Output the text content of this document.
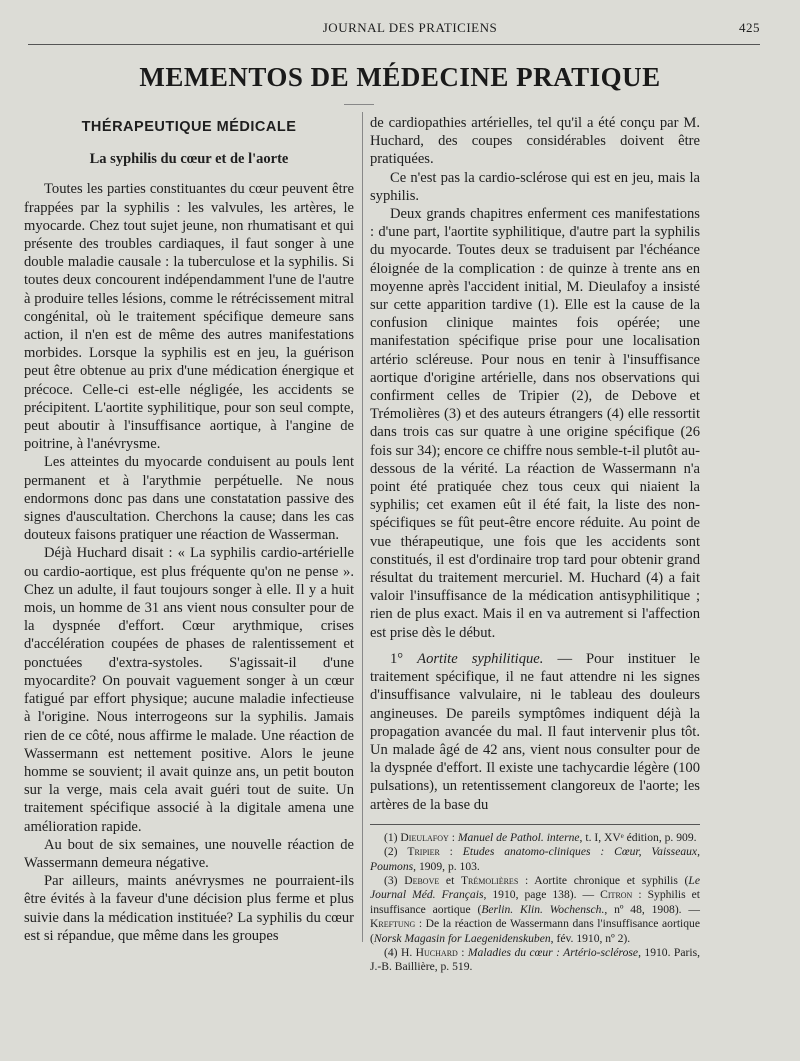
JOURNAL DES PRATICIENS	425
MEMENTOS DE MÉDECINE PRATIQUE
THÉRAPEUTIQUE MÉDICALE
La syphilis du cœur et de l'aorte

Toutes les parties constituantes du cœur peuvent être frappées par la syphilis : les valvules, les artères, le myocarde. Chez tout sujet jeune, non rhumatisant et qui présente des troubles cardiaques, il faut songer à une double maladie causale : la tuberculose et la syphilis. Si toutes deux concourent indépendamment l'une de l'autre à produire telles lésions, comme le rétrécissement mitral congénital, où le traitement spécifique demeure sans action, il n'en est de même des autres manifestations morbides. Lorsque la syphilis est en jeu, la guérison peut être obtenue au prix d'une médication énergique et précoce. Celle-ci est-elle négligée, les accidents se précipitent. L'aortite syphilitique, pour son seul compte, peut aboutir à l'insuffisance aortique, à l'angine de poitrine, à l'anévrysme.

Les atteintes du myocarde conduisent au pouls lent permanent et à l'arythmie perpétuelle. Ne nous endormons donc pas dans une constatation passive des signes d'auscultation. Cherchons la cause; dans les cas douteux faisons pratiquer une réaction de Wasserman.

Déjà Huchard disait : « La syphilis cardio-artérielle ou cardio-aortique, est plus fréquente qu'on ne pense ». Chez un adulte, il faut toujours songer à elle. Il y a huit mois, un homme de 31 ans vient nous consulter pour de la dyspnée d'effort. Cœur arythmique, crises d'accélération coupées de phases de ralentissement et ponctuées d'extra-systoles. S'agissait-il d'une myocardite? On pouvait vaguement songer à un cœur fatigué par effort physique; aucune maladie infectieuse à l'origine. Nous interrogeons sur la syphilis. Jamais rien de ce côté, nous affirme le malade. Une réaction de Wassermann est nettement positive. Alors le jeune homme se souvient; il avait quinze ans, un petit bouton sur la verge, mais cela avait guéri tout de suite. Un traitement spécifique associé à la digitale amena une amélioration rapide.

Au bout de six semaines, une nouvelle réaction de Wassermann demeura négative.

Par ailleurs, maints anévrysmes ne pourraient-ils être évités à la faveur d'une décision plus ferme et plus suivie dans la médication instituée? La syphilis du cœur est si répandue, que même dans les groupes

de cardiopathies artérielles, tel qu'il a été conçu par M. Huchard, des coupes considérables doivent être pratiquées.

Ce n'est pas la cardio-sclérose qui est en jeu, mais la syphilis.

Deux grands chapitres enferment ces manifestations : d'une part, l'aortite syphilitique, d'autre part la syphilis du myocarde. Toutes deux se traduisent par l'échéance éloignée de la complication : de quinze à trente ans en moyenne après l'accident initial, M. Dieulafoy a insisté sur cette apparition tardive (1). Elle est la cause de la confusion clinique maintes fois opérée; une manifestation spécifique prise pour une localisation artério scléreuse. Pour nous en tenir à l'insuffisance aortique d'origine artérielle, dans nos observations qui confirment celles de Tripier (2), de Debove et Trémolières (3) et des auteurs étrangers (4) elle ressortit dans trois cas sur quatre à une origine spécifique (26 fois sur 34); encore ce chiffre nous semble-t-il plutôt au-dessous de la vérité. La réaction de Wassermann n'a point été pratiquée chez tous ceux qui niaient la syphilis; cet examen eût il été fait, la liste des non-spécifiques se fût peut-être encore réduite. Au point de vue thérapeutique, une fois que les accidents sont constitués, il est d'ordinaire trop tard pour obtenir grand résultat du traitement mercuriel. M. Huchard (4) a fait valoir l'insuffisance de la médication antisyphilitique ; rien de plus exact. Mais il en va autrement si l'affection est prise dès le début.

1° Aortite syphilitique. — Pour instituer le traitement spécifique, il ne faut attendre ni les signes d'insuffisance valvulaire, ni le tableau des douleurs angineuses. De pareils symptômes indiquent déjà la propagation avancée du mal. Il faut intervenir plus tôt. Un malade âgé de 42 ans, vient nous consulter pour de la dyspnée d'effort. Il existe une tachycardie légère (100 pulsations), un retentissement clangoreux de l'aorte; les artères de la base du

(1) Dieulafoy : Manuel de Pathol. interne, t. I, XVᵉ édition, p. 909.

(2) Tripier : Etudes anatomo-cliniques : Cœur, Vaisseaux, Poumons, 1909, p. 103.

(3) Debove et Trémolières : Aortite chronique et syphilis (Le Journal Méd. Français, 1910, page 138). — Citron : Syphilis et insuffisance aortique (Berlin. Klin. Wochensch., nº 48, 1908). — Kreftung : De la réaction de Wassermann dans l'insuffisance aortique (Norsk Magasin for Laegenidenskuben, fév. 1910, nº 2).

(4) H. Huchard : Maladies du cœur : Artério-sclérose, 1910. Paris, J.-B. Baillière, p. 519.
